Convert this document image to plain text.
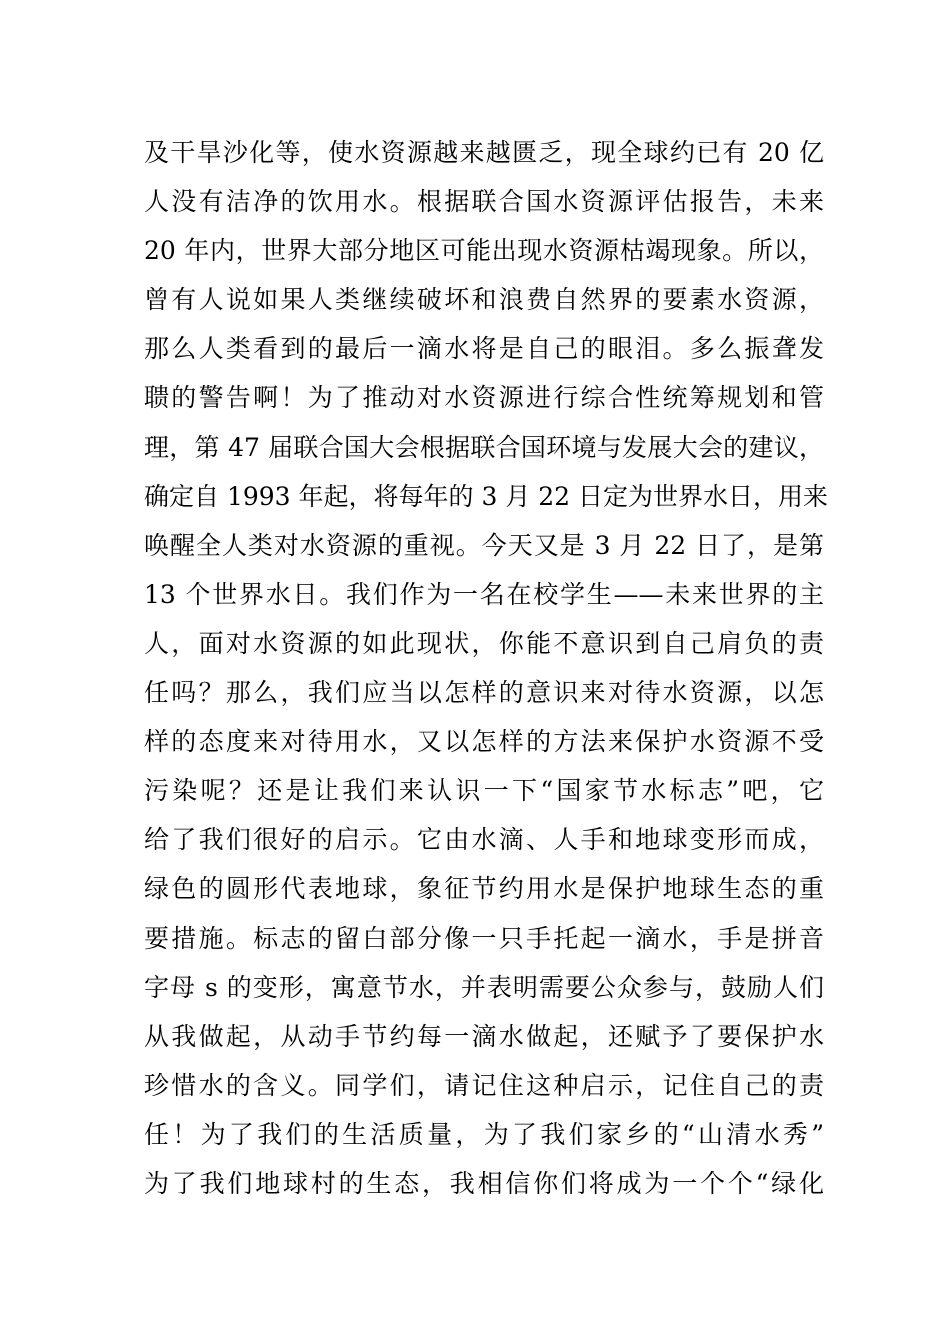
及干旱沙化等，使水资源越来越匮乏，现全球约已有 20 亿
人没有洁净的饮用水。根据联合国水资源评估报告，未来
20 年内，世界大部分地区可能出现水资源枯竭现象。所以，
曾有人说如果人类继续破坏和浪费自然界的要素水资源，
那么人类看到的最后一滴水将是自己的眼泪。多么振聋发
聩的警告啊！为了推动对水资源进行综合性统筹规划和管
理，第 47 届联合国大会根据联合国环境与发展大会的建议，
确定自 1993 年起，将每年的 3 月 22 日定为世界水日，用来
唤醒全人类对水资源的重视。今天又是 3 月 22 日了，是第
13 个世界水日。我们作为一名在校学生——未来世界的主
人，面对水资源的如此现状，你能不意识到自己肩负的责
任吗？那么，我们应当以怎样的意识来对待水资源，以怎
样的态度来对待用水，又以怎样的方法来保护水资源不受
污染呢？还是让我们来认识一下“国家节水标志”吧，它
给了我们很好的启示。它由水滴、人手和地球变形而成，
绿色的圆形代表地球，象征节约用水是保护地球生态的重
要措施。标志的留白部分像一只手托起一滴水，手是拼音
字母 s 的变形，寓意节水，并表明需要公众参与，鼓励人们
从我做起，从动手节约每一滴水做起，还赋予了要保护水
珍惜水的含义。同学们，请记住这种启示，记住自己的责
任！为了我们的生活质量，为了我们家乡的“山清水秀”
为了我们地球村的生态，我相信你们将成为一个个“绿化
